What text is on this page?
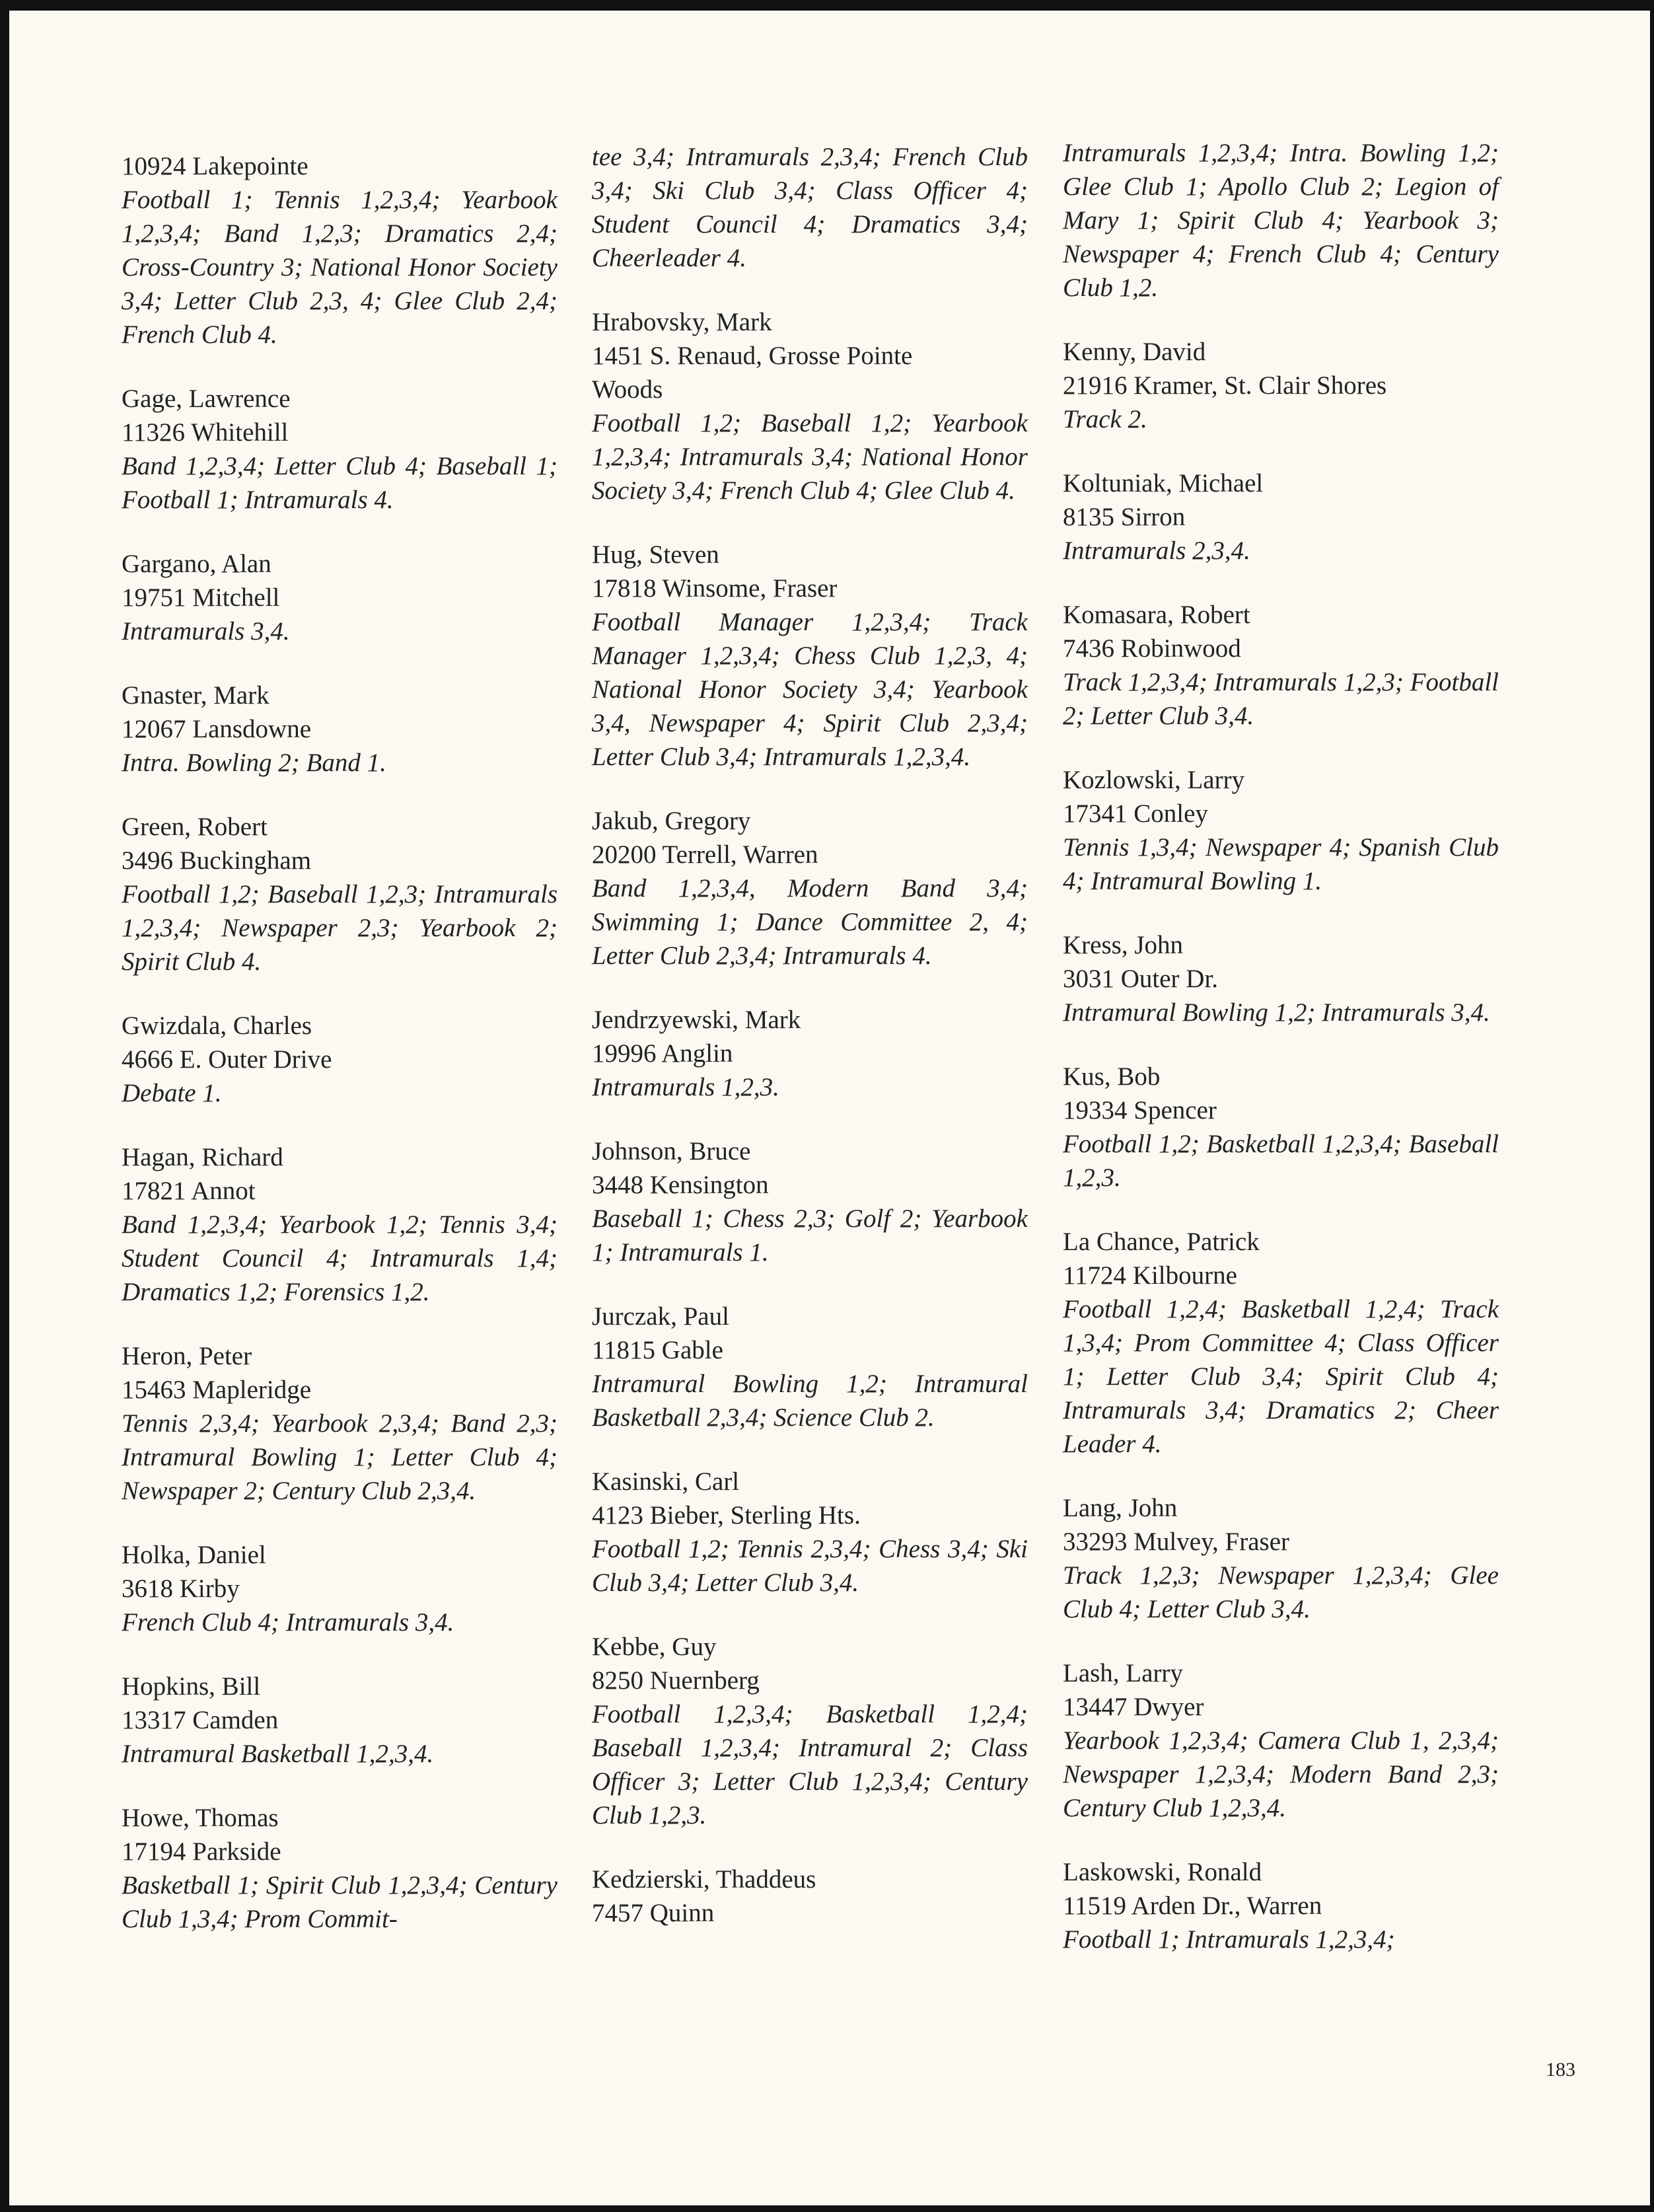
10924 Lakepointe
Football 1; Tennis 1,2,3,4; Yearbook 1,2,3,4; Band 1,2,3; Dramatics 2,4; Cross-Country 3; National Honor Society 3,4; Letter Club 2,3, 4; Glee Club 2,4; French Club 4.
Gage, Lawrence
11326 Whitehill
Band 1,2,3,4; Letter Club 4; Baseball 1; Football 1; Intramurals 4.
Gargano, Alan
19751 Mitchell
Intramurals 3,4.
Gnaster, Mark
12067 Lansdowne
Intra. Bowling 2; Band 1.
Green, Robert
3496 Buckingham
Football 1,2; Baseball 1,2,3; Intramurals 1,2,3,4; Newspaper 2,3; Yearbook 2; Spirit Club 4.
Gwizdala, Charles
4666 E. Outer Drive
Debate 1.
Hagan, Richard
17821 Annot
Band 1,2,3,4; Yearbook 1,2; Tennis 3,4; Student Council 4; Intramurals 1,4; Dramatics 1,2; Forensics 1,2.
Heron, Peter
15463 Mapleridge
Tennis 2,3,4; Yearbook 2,3,4; Band 2,3; Intramural Bowling 1; Letter Club 4; Newspaper 2; Century Club 2,3,4.
Holka, Daniel
3618 Kirby
French Club 4; Intramurals 3,4.
Hopkins, Bill
13317 Camden
Intramural Basketball 1,2,3,4.
Howe, Thomas
17194 Parkside
Basketball 1; Spirit Club 1,2,3,4; Century Club 1,3,4; Prom Commit-
tee 3,4; Intramurals 2,3,4; French Club 3,4; Ski Club 3,4; Class Officer 4; Student Council 4; Dramatics 3,4; Cheerleader 4.
Hrabovsky, Mark
1451 S. Renaud, Grosse Pointe
Woods
Football 1,2; Baseball 1,2; Yearbook 1,2,3,4; Intramurals 3,4; National Honor Society 3,4; French Club 4; Glee Club 4.
Hug, Steven
17818 Winsome, Fraser
Football Manager 1,2,3,4; Track Manager 1,2,3,4; Chess Club 1,2,3, 4; National Honor Society 3,4; Yearbook 3,4, Newspaper 4; Spirit Club 2,3,4; Letter Club 3,4; Intramurals 1,2,3,4.
Jakub, Gregory
20200 Terrell, Warren
Band 1,2,3,4, Modern Band 3,4; Swimming 1; Dance Committee 2, 4; Letter Club 2,3,4; Intramurals 4.
Jendrzyewski, Mark
19996 Anglin
Intramurals 1,2,3.
Johnson, Bruce
3448 Kensington
Baseball 1; Chess 2,3; Golf 2; Yearbook 1; Intramurals 1.
Jurczak, Paul
11815 Gable
Intramural Bowling 1,2; Intramural Basketball 2,3,4; Science Club 2.
Kasinski, Carl
4123 Bieber, Sterling Hts.
Football 1,2; Tennis 2,3,4; Chess 3,4; Ski Club 3,4; Letter Club 3,4.
Kebbe, Guy
8250 Nuernberg
Football 1,2,3,4; Basketball 1,2,4; Baseball 1,2,3,4; Intramural 2; Class Officer 3; Letter Club 1,2,3,4; Century Club 1,2,3.
Kedzierski, Thaddeus
7457 Quinn
Intramurals 1,2,3,4; Intra. Bowling 1,2; Glee Club 1; Apollo Club 2; Legion of Mary 1; Spirit Club 4; Yearbook 3; Newspaper 4; French Club 4; Century Club 1,2.
Kenny, David
21916 Kramer, St. Clair Shores
Track 2.
Koltuniak, Michael
8135 Sirron
Intramurals 2,3,4.
Komasara, Robert
7436 Robinwood
Track 1,2,3,4; Intramurals 1,2,3; Football 2; Letter Club 3,4.
Kozlowski, Larry
17341 Conley
Tennis 1,3,4; Newspaper 4; Spanish Club 4; Intramural Bowling 1.
Kress, John
3031 Outer Dr.
Intramural Bowling 1,2; Intramurals 3,4.
Kus, Bob
19334 Spencer
Football 1,2; Basketball 1,2,3,4; Baseball 1,2,3.
La Chance, Patrick
11724 Kilbourne
Football 1,2,4; Basketball 1,2,4; Track 1,3,4; Prom Committee 4; Class Officer 1; Letter Club 3,4; Spirit Club 4; Intramurals 3,4; Dramatics 2; Cheer Leader 4.
Lang, John
33293 Mulvey, Fraser
Track 1,2,3; Newspaper 1,2,3,4; Glee Club 4; Letter Club 3,4.
Lash, Larry
13447 Dwyer
Yearbook 1,2,3,4; Camera Club 1, 2,3,4; Newspaper 1,2,3,4; Modern Band 2,3; Century Club 1,2,3,4.
Laskowski, Ronald
11519 Arden Dr., Warren
Football 1; Intramurals 1,2,3,4;
183
